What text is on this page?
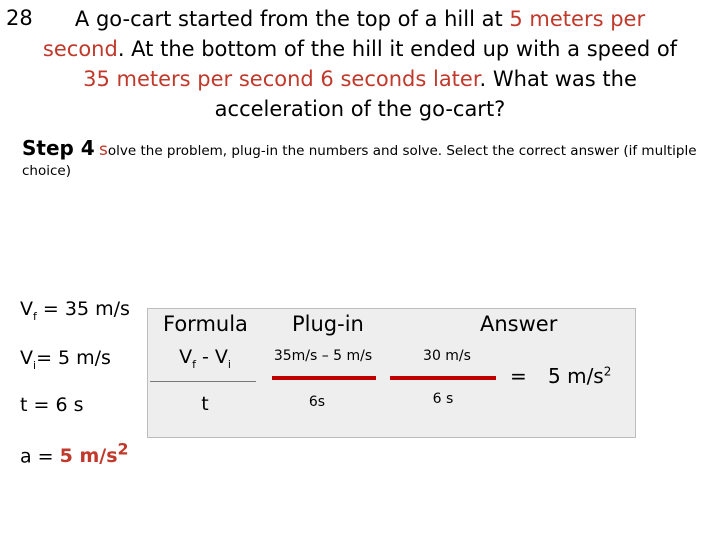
28	A go-cart started from the top of a hill at 5 meters per second. At the bottom of the hill it ended up with a speed of 35 meters per second 6 seconds later. What was the acceleration of the go-cart?
Step 4 solve the problem, plug-in the numbers and solve. Select the correct answer (if multiple choice)
$V_f = 35$ m/s
$V_i= 5$ m/s
t = 6 s
a = 5 $m/s^2$
Formula Plug-in	Answer
$V_f - V_i$
t
35m/s – 5 m/s
6s
30 m/s
6 s
= 5 $m/s^2$
